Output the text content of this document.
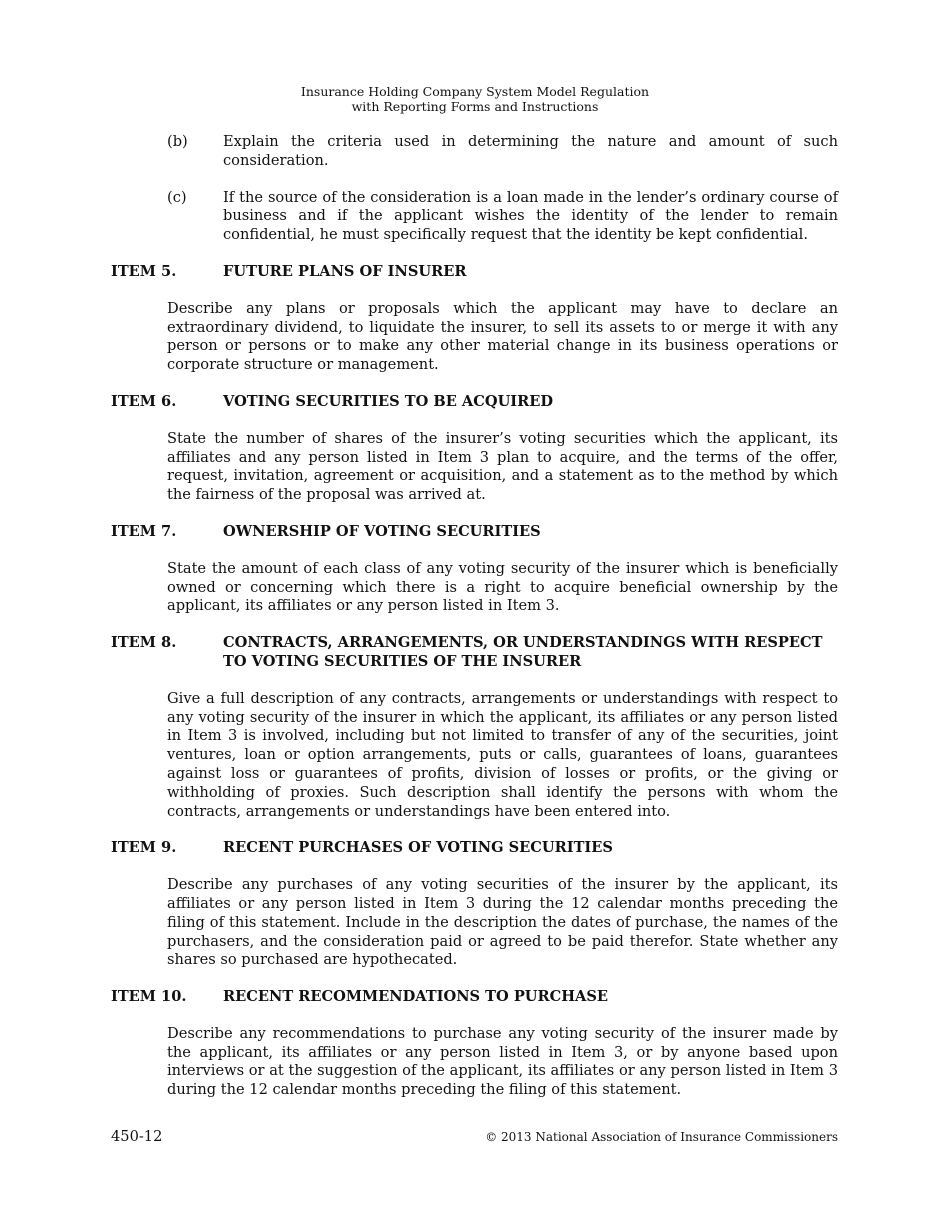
Insurance Holding Company System Model Regulation
with Reporting Forms and Instructions
(b)	Explain the criteria used in determining the nature and amount of such consideration.
(c)	If the source of the consideration is a loan made in the lender’s ordinary course of business and if the applicant wishes the identity of the lender to remain confidential, he must specifically request that the identity be kept confidential.
ITEM 5.	FUTURE PLANS OF INSURER
Describe any plans or proposals which the applicant may have to declare an extraordinary dividend, to liquidate the insurer, to sell its assets to or merge it with any person or persons or to make any other material change in its business operations or corporate structure or management.
ITEM 6.	VOTING SECURITIES TO BE ACQUIRED
State the number of shares of the insurer’s voting securities which the applicant, its affiliates and any person listed in Item 3 plan to acquire, and the terms of the offer, request, invitation, agreement or acquisition, and a statement as to the method by which the fairness of the proposal was arrived at.
ITEM 7.	OWNERSHIP OF VOTING SECURITIES
State the amount of each class of any voting security of the insurer which is beneficially owned or concerning which there is a right to acquire beneficial ownership by the applicant, its affiliates or any person listed in Item 3.
ITEM 8.	CONTRACTS, ARRANGEMENTS, OR UNDERSTANDINGS WITH RESPECT TO VOTING SECURITIES OF THE INSURER
Give a full description of any contracts, arrangements or understandings with respect to any voting security of the insurer in which the applicant, its affiliates or any person listed in Item 3 is involved, including but not limited to transfer of any of the securities, joint ventures, loan or option arrangements, puts or calls, guarantees of loans, guarantees against loss or guarantees of profits, division of losses or profits, or the giving or withholding of proxies. Such description shall identify the persons with whom the contracts, arrangements or understandings have been entered into.
ITEM 9.	RECENT PURCHASES OF VOTING SECURITIES
Describe any purchases of any voting securities of the insurer by the applicant, its affiliates or any person listed in Item 3 during the 12 calendar months preceding the filing of this statement. Include in the description the dates of purchase, the names of the purchasers, and the consideration paid or agreed to be paid therefor. State whether any shares so purchased are hypothecated.
ITEM 10.	RECENT RECOMMENDATIONS TO PURCHASE
Describe any recommendations to purchase any voting security of the insurer made by the applicant, its affiliates or any person listed in Item 3, or by anyone based upon interviews or at the suggestion of the applicant, its affiliates or any person listed in Item 3 during the 12 calendar months preceding the filing of this statement.
450-12	© 2013 National Association of Insurance Commissioners
